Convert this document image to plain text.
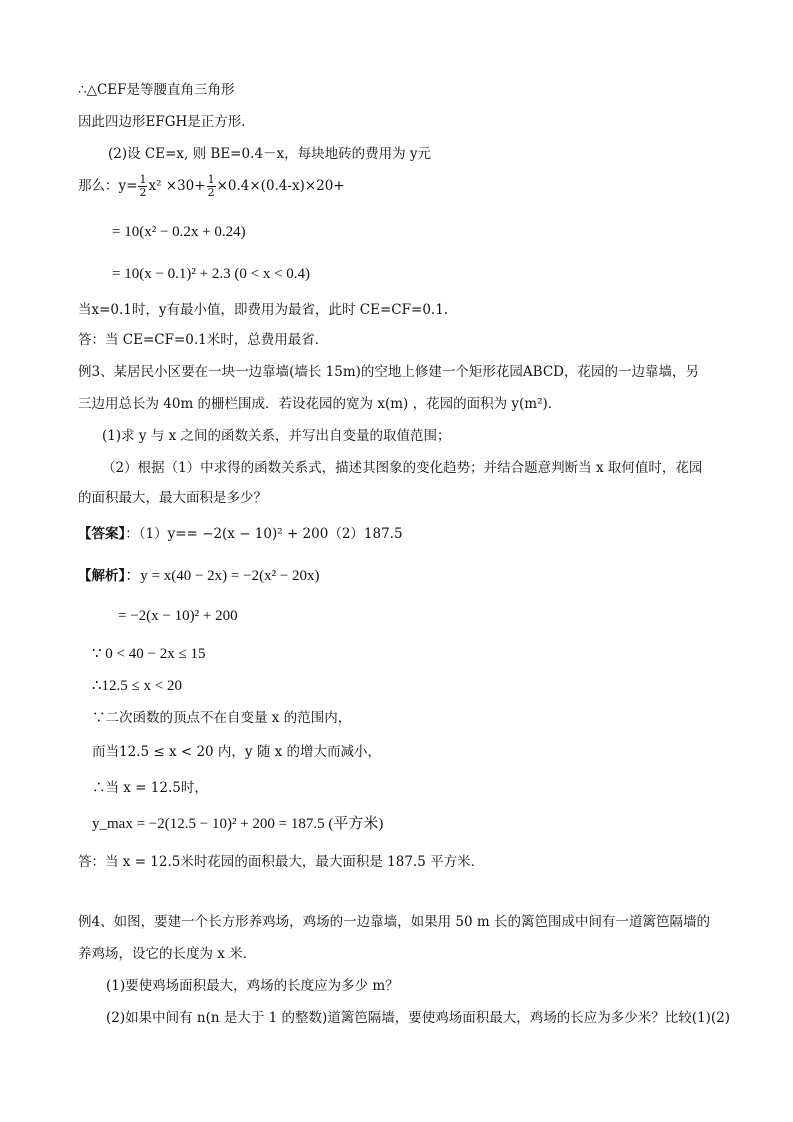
∴△CEF是等腰直角三角形
因此四边形EFGH是正方形．
(2)设 CE=x, 则 BE=0.4－x，每块地砖的费用为 y元
那么：$y= \frac{1}{2} x^2 \times 30+ \frac{1}{2} \times 0.4\times(0.4-x)\times 20+$
= 10(x² − 0.2x + 0.24)
= 10(x − 0.1)² + 2.3 (0 < x < 0.4)
当x=0.1时，y有最小值，即费用为最省，此时 CE=CF=0.1.
答：当 CE=CF=0.1米时，总费用最省．
例3、某居民小区要在一块一边靠墙(墙长 15m)的空地上修建一个矩形花园ABCD，花园的一边靠墙，另
三边用总长为 40m 的栅栏围成．若设花园的宽为 x(m) ，花园的面积为 y(m²)．
(1)求 y 与 x 之间的函数关系，并写出自变量的取值范围；
（2）根据（1）中求得的函数关系式，描述其图象的变化趋势；并结合题意判断当 x 取何值时，花园
的面积最大，最大面积是多少？
【答案】：（1）y== −2(x − 10)² + 200（2）187.5
【解析】：y = x(40 − 2x) = −2(x² − 20x)
= −2(x − 10)² + 200
∵ 0 < 40 − 2x ≤ 15
∴12.5 ≤ x < 20
∵二次函数的顶点不在自变量 x 的范围内，
而当12.5 ≤ x < 20 内，y 随 x 的增大而减小，
∴当 x = 12.5时，
y_max = −2(12.5 − 10)² + 200 = 187.5 (平方米)
答：当 x = 12.5米时花园的面积最大，最大面积是 187.5 平方米．
例4、如图，要建一个长方形养鸡场，鸡场的一边靠墙，如果用 50 m 长的篱笆围成中间有一道篱笆隔墙的
养鸡场，设它的长度为 x 米．
(1)要使鸡场面积最大，鸡场的长度应为多少 m？
(2)如果中间有 n(n 是大于 1 的整数)道篱笆隔墙，要使鸡场面积最大，鸡场的长应为多少米？比较(1)(2)
